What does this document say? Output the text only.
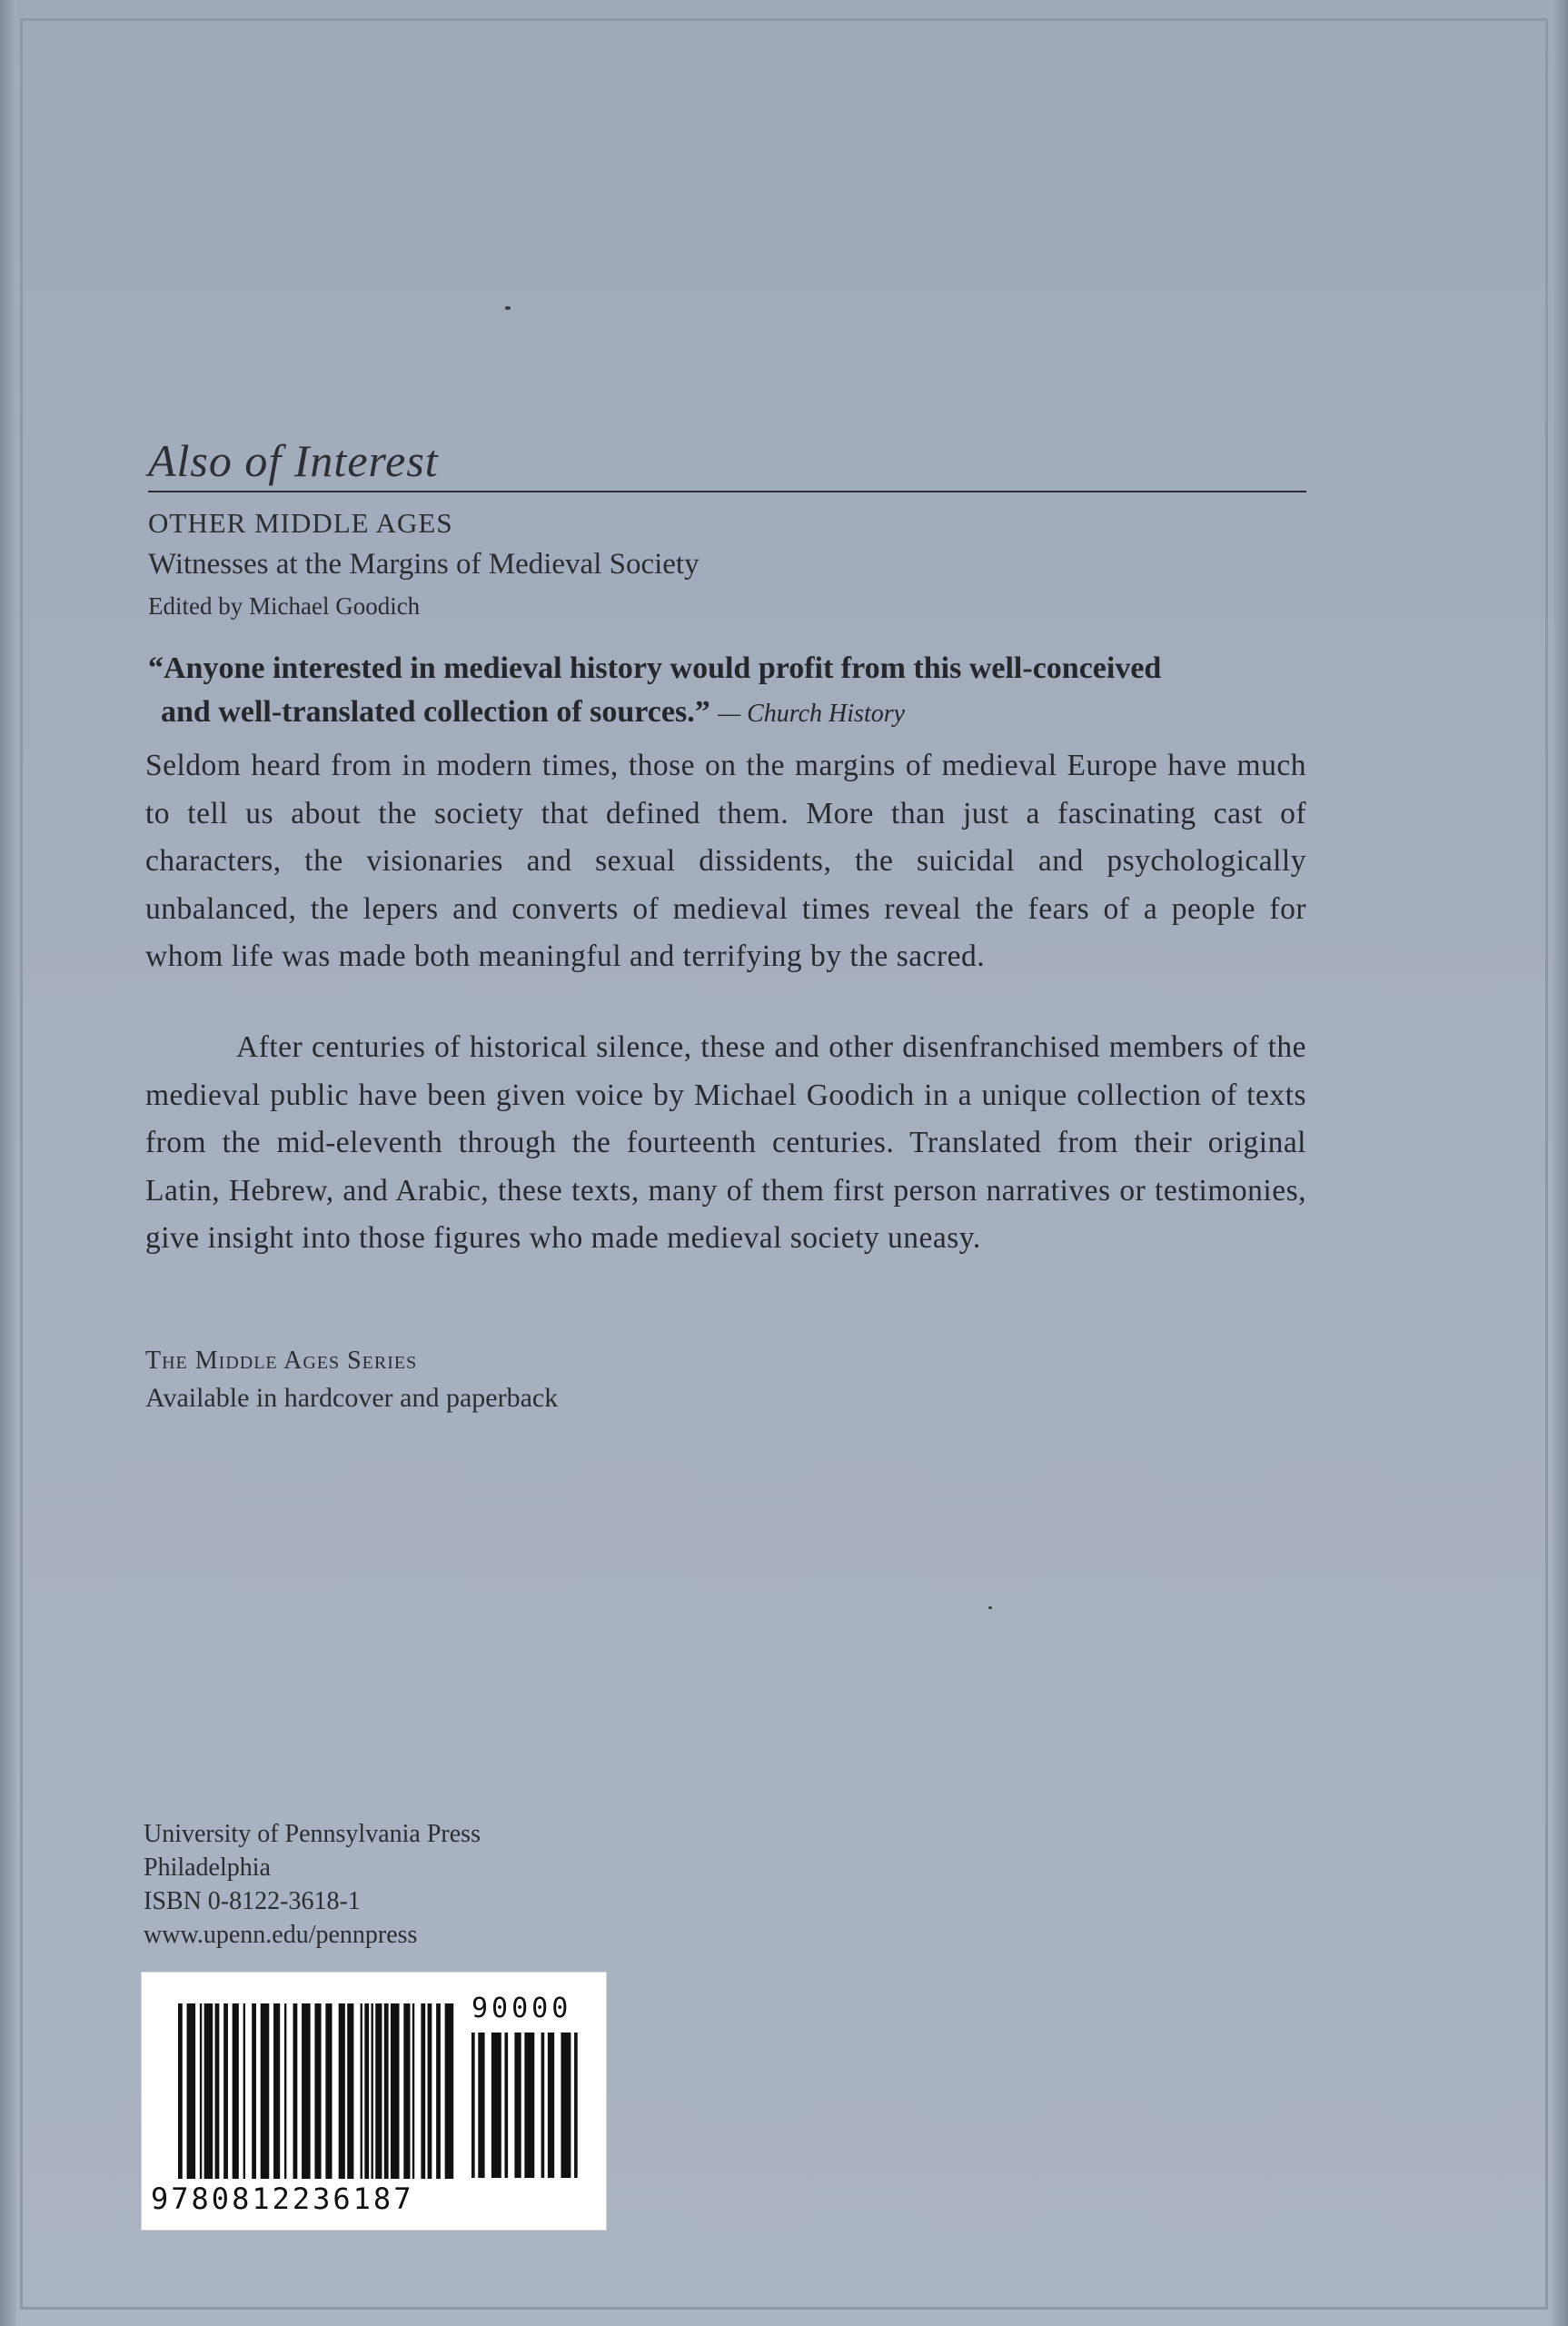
Also of Interest
OTHER MIDDLE AGES
Witnesses at the Margins of Medieval Society
Edited by Michael Goodich
“Anyone interested in medieval history would profit from this well-conceived
and well-translated collection of sources.” — Church History

Seldom heard from in modern times, those on the margins of medieval Europe have much to tell us about the society that defined them. More than just a fascinating cast of characters, the visionaries and sexual dissidents, the suicidal and psychologically unbalanced, the lepers and converts of medieval times reveal the fears of a people for whom life was made both meaningful and terrifying by the sacred.

After centuries of historical silence, these and other disenfranchised members of the medieval public have been given voice by Michael Goodich in a unique collection of texts from the mid-eleventh through the fourteenth centuries. Translated from their original Latin, Hebrew, and Arabic, these texts, many of them first person narratives or testimonies, give insight into those figures who made medieval society uneasy.

The Middle Ages Series
Available in hardcover and paperback
University of Pennsylvania Press
Philadelphia
ISBN 0-8122-3618-1
www.upenn.edu/pennpress
90000
9780812236187
